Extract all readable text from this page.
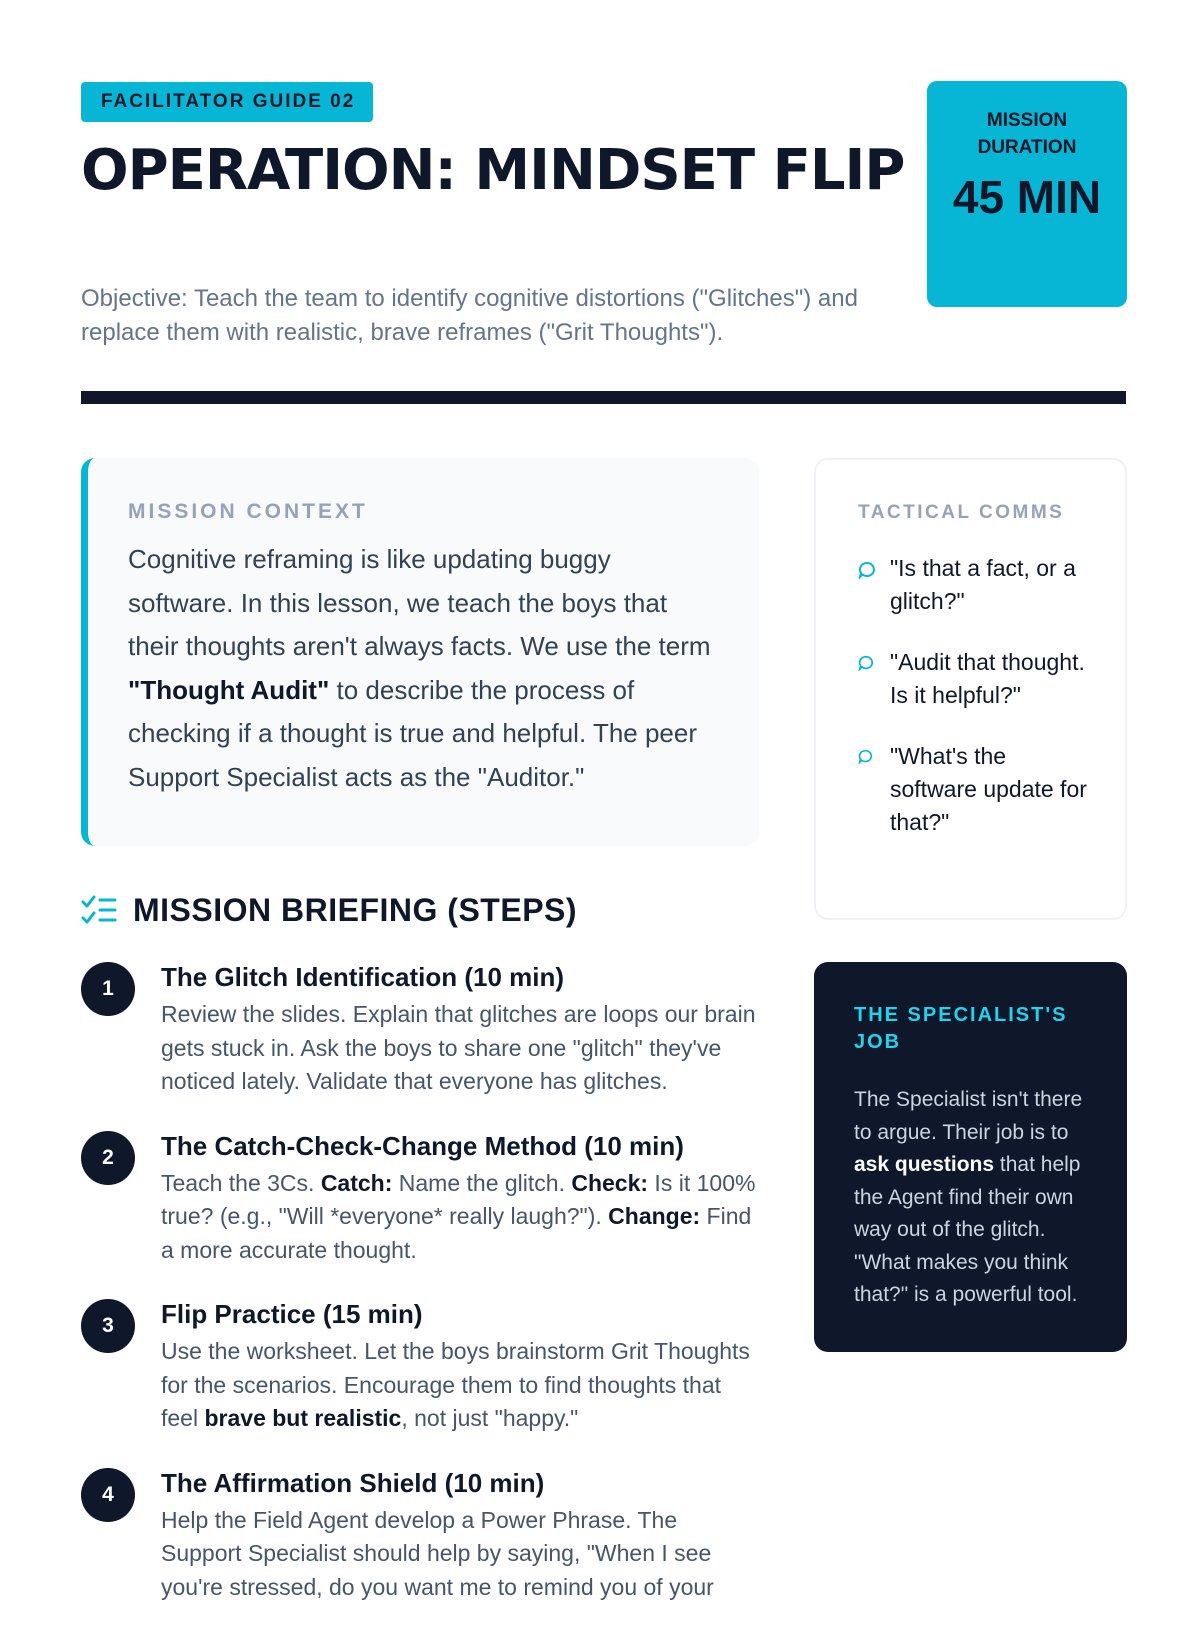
FACILITATOR GUIDE 02
OPERATION: MINDSET FLIP

Objective: Teach the team to identify cognitive distortions ("Glitches") and replace them with realistic, brave reframes ("Grit Thoughts").

MISSION DURATION
45 MIN
MISSION CONTEXT

Cognitive reframing is like updating buggy software. In this lesson, we teach the boys that their thoughts aren't always facts. We use the term "Thought Audit" to describe the process of checking if a thought is true and helpful. The peer Support Specialist acts as the "Auditor."

MISSION BRIEFING (STEPS)
1	The Glitch Identification (10 min)

Review the slides. Explain that glitches are loops our brain gets stuck in. Ask the boys to share one "glitch" they've noticed lately. Validate that everyone has glitches.

2	The Catch-Check-Change Method (10 min)

Teach the 3Cs. Catch: Name the glitch. Check: Is it 100% true? (e.g., "Will *everyone* really laugh?"). Change: Find a more accurate thought.

3	Flip Practice (15 min)

Use the worksheet. Let the boys brainstorm Grit Thoughts for the scenarios. Encourage them to find thoughts that feel brave but realistic, not just "happy."

4	The Affirmation Shield (10 min)

Help the Field Agent develop a Power Phrase. The Support Specialist should help by saying, "When I see you're stressed, do you want me to remind you of your

TACTICAL COMMS
"Is that a fact, or a glitch?"
"Audit that thought. Is it helpful?"
"What's the software update for that?"
THE SPECIALIST'S JOB

The Specialist isn't there to argue. Their job is to ask questions that help the Agent find their own way out of the glitch. "What makes you think that?" is a powerful tool.
